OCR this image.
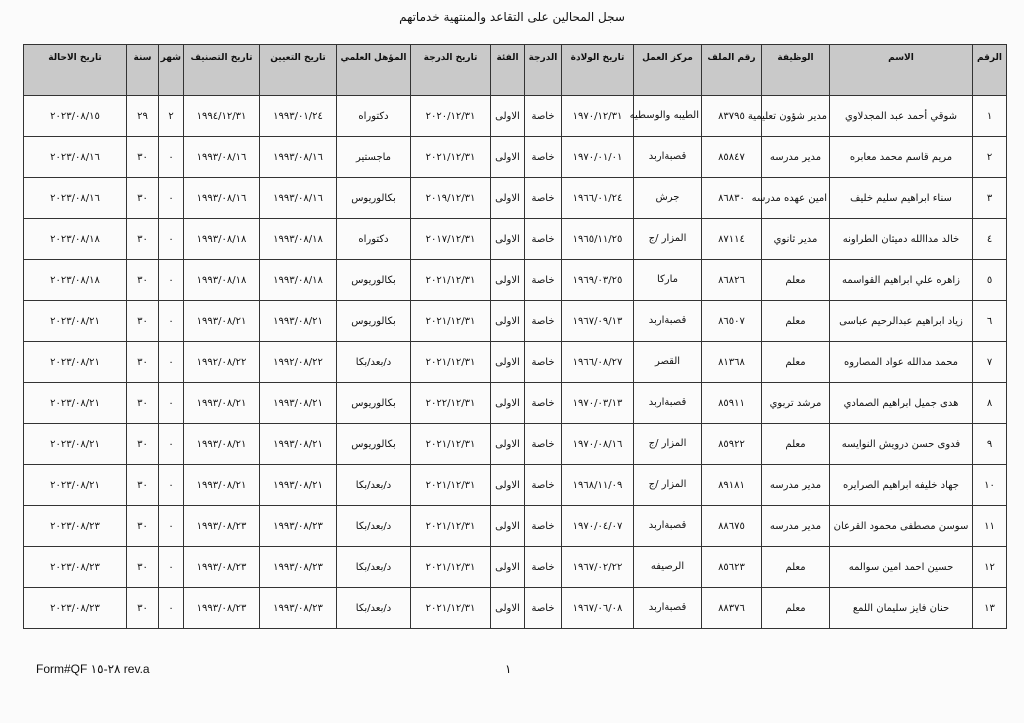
سجل المحالين على التقاعد والمنتهية خدماتهم
الرقم	الاسم	الوظيفة	رقم الملف	مركز العمل	تاريخ الولادة	الدرجة	الفئة	تاريخ الدرجة	المؤهل العلمي	تاريخ التعيين	تاريخ التصنيف	شهر	سنة	تاريخ الاحالة
١	شوقي أحمد عبد المجدلاوي	مدير شؤون تعليمية	٨٣٧٩٥	الطيبه والوسطيه	١٩٧٠/١٢/٣١	خاصة	الاولى	٢٠٢٠/١٢/٣١	دكتوراه	١٩٩٣/٠١/٢٤	١٩٩٤/١٢/٣١	٢	٢٩	٢٠٢٣/٠٨/١٥
٢	مريم قاسم محمد معابره	مدير مدرسه	٨٥٨٤٧	قصبةاربد	١٩٧٠/٠١/٠١	خاصة	الاولى	٢٠٢١/١٢/٣١	ماجستير	١٩٩٣/٠٨/١٦	١٩٩٣/٠٨/١٦	٠	٣٠	٢٠٢٣/٠٨/١٦
٣	سناء ابراهيم سليم خليف	امين عهده مدرسه	٨٦٨٣٠	جرش	١٩٦٦/٠١/٢٤	خاصة	الاولى	٢٠١٩/١٢/٣١	بكالوريوس	١٩٩٣/٠٨/١٦	١٩٩٣/٠٨/١٦	٠	٣٠	٢٠٢٣/٠٨/١٦
٤	خالد مداالله دميثان الطراونه	مدير ثانوي	٨٧١١٤	المزار /ج	١٩٦٥/١١/٢٥	خاصة	الاولى	٢٠١٧/١٢/٣١	دكتوراه	١٩٩٣/٠٨/١٨	١٩٩٣/٠٨/١٨	٠	٣٠	٢٠٢٣/٠٨/١٨
٥	زاهره علي ابراهيم القواسمه	معلم	٨٦٨٢٦	ماركا	١٩٦٩/٠٣/٢٥	خاصة	الاولى	٢٠٢١/١٢/٣١	بكالوريوس	١٩٩٣/٠٨/١٨	١٩٩٣/٠٨/١٨	٠	٣٠	٢٠٢٣/٠٨/١٨
٦	زياد ابراهيم عبدالرحيم عباسى	معلم	٨٦٥٠٧	قصبةاربد	١٩٦٧/٠٩/١٣	خاصة	الاولى	٢٠٢١/١٢/٣١	بكالوريوس	١٩٩٣/٠٨/٢١	١٩٩٣/٠٨/٢١	٠	٣٠	٢٠٢٣/٠٨/٢١
٧	محمد مدالله عواد المصاروه	معلم	٨١٣٦٨	القصر	١٩٦٦/٠٨/٢٧	خاصة	الاولى	٢٠٢١/١٢/٣١	د/بعد/بكا	١٩٩٢/٠٨/٢٢	١٩٩٢/٠٨/٢٢	٠	٣٠	٢٠٢٣/٠٨/٢١
٨	هدى جميل ابراهيم الصمادي	مرشد تربوي	٨٥٩١١	قصبةاربد	١٩٧٠/٠٣/١٣	خاصة	الاولى	٢٠٢٢/١٢/٣١	بكالوريوس	١٩٩٣/٠٨/٢١	١٩٩٣/٠٨/٢١	٠	٣٠	٢٠٢٣/٠٨/٢١
٩	فدوى حسن درويش النوايسه	معلم	٨٥٩٢٢	المزار /ج	١٩٧٠/٠٨/١٦	خاصة	الاولى	٢٠٢١/١٢/٣١	بكالوريوس	١٩٩٣/٠٨/٢١	١٩٩٣/٠٨/٢١	٠	٣٠	٢٠٢٣/٠٨/٢١
١٠	جهاد خليفه ابراهيم الصرايره	مدير مدرسه	٨٩١٨١	المزار /ج	١٩٦٨/١١/٠٩	خاصة	الاولى	٢٠٢١/١٢/٣١	د/بعد/بكا	١٩٩٣/٠٨/٢١	١٩٩٣/٠٨/٢١	٠	٣٠	٢٠٢٣/٠٨/٢١
١١	سوسن مصطفى محمود القرعان	مدير مدرسه	٨٨٦٧٥	قصبةاربد	١٩٧٠/٠٤/٠٧	خاصة	الاولى	٢٠٢١/١٢/٣١	د/بعد/بكا	١٩٩٣/٠٨/٢٣	١٩٩٣/٠٨/٢٣	٠	٣٠	٢٠٢٣/٠٨/٢٣
١٢	حسين احمد امين سوالمه	معلم	٨٥٦٢٣	الرصيفه	١٩٦٧/٠٢/٢٢	خاصة	الاولى	٢٠٢١/١٢/٣١	د/بعد/بكا	١٩٩٣/٠٨/٢٣	١٩٩٣/٠٨/٢٣	٠	٣٠	٢٠٢٣/٠٨/٢٣
١٣	حنان فايز سليمان اللمع	معلم	٨٨٣٧٦	قصبةاربد	١٩٦٧/٠٦/٠٨	خاصة	الاولى	٢٠٢١/١٢/٣١	د/بعد/بكا	١٩٩٣/٠٨/٢٣	١٩٩٣/٠٨/٢٣	٠	٣٠	٢٠٢٣/٠٨/٢٣
Form#QF ٢٨-١٥ rev.a	١
